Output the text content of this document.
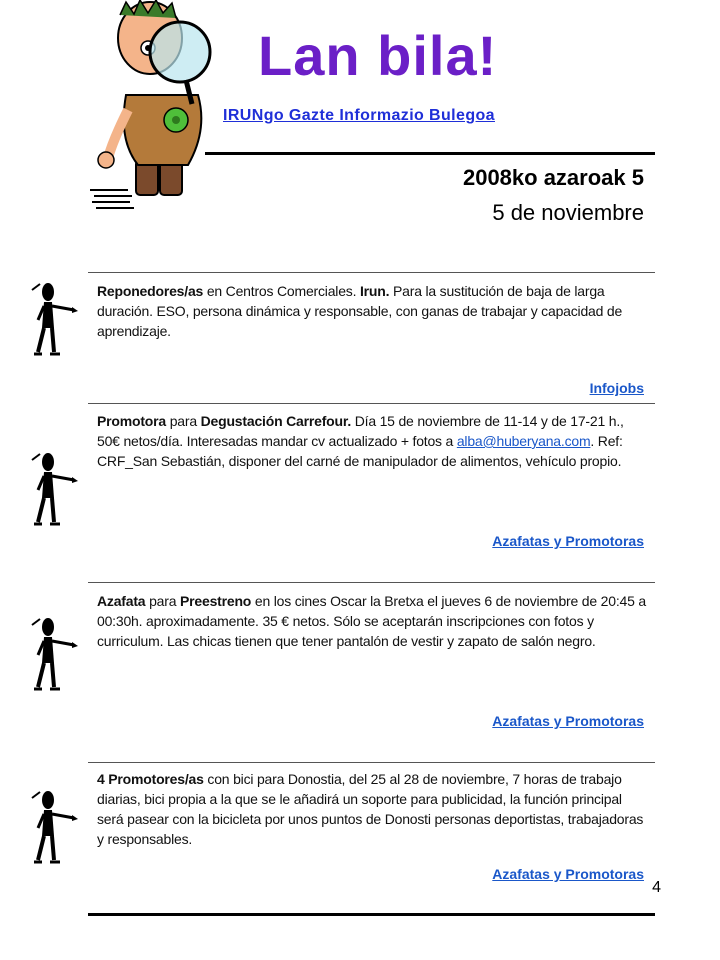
Lan bila!
IRUNgo Gazte Informazio Bulegoa
2008ko azaroak 5
5 de noviembre
Reponedores/as en Centros Comerciales. Irun. Para la sustitución de baja de larga duración. ESO, persona dinámica y responsable, con ganas de trabajar y capacidad de aprendizaje.
Infojobs
Promotora para Degustación Carrefour. Día 15 de noviembre de 11-14 y de 17-21 h., 50€ netos/día. Interesadas mandar cv actualizado + fotos a alba@huberyana.com. Ref: CRF_San Sebastián, disponer del carné de manipulador de alimentos, vehículo propio.
Azafatas y Promotoras
Azafata para Preestreno en los cines Oscar la Bretxa el jueves 6 de noviembre de 20:45 a 00:30h. aproximadamente. 35 € netos. Sólo se aceptarán inscripciones con fotos y curriculum. Las chicas tienen que tener pantalón de vestir y zapato de salón negro.
Azafatas y Promotoras
4 Promotores/as con bici para Donostia, del 25 al 28 de noviembre, 7 horas de trabajo diarias, bici propia a la que se le añadirá un soporte para publicidad, la función principal será pasear con la bicicleta por unos puntos de Donosti personas deportistas, trabajadoras y responsables.
Azafatas y Promotoras
4
